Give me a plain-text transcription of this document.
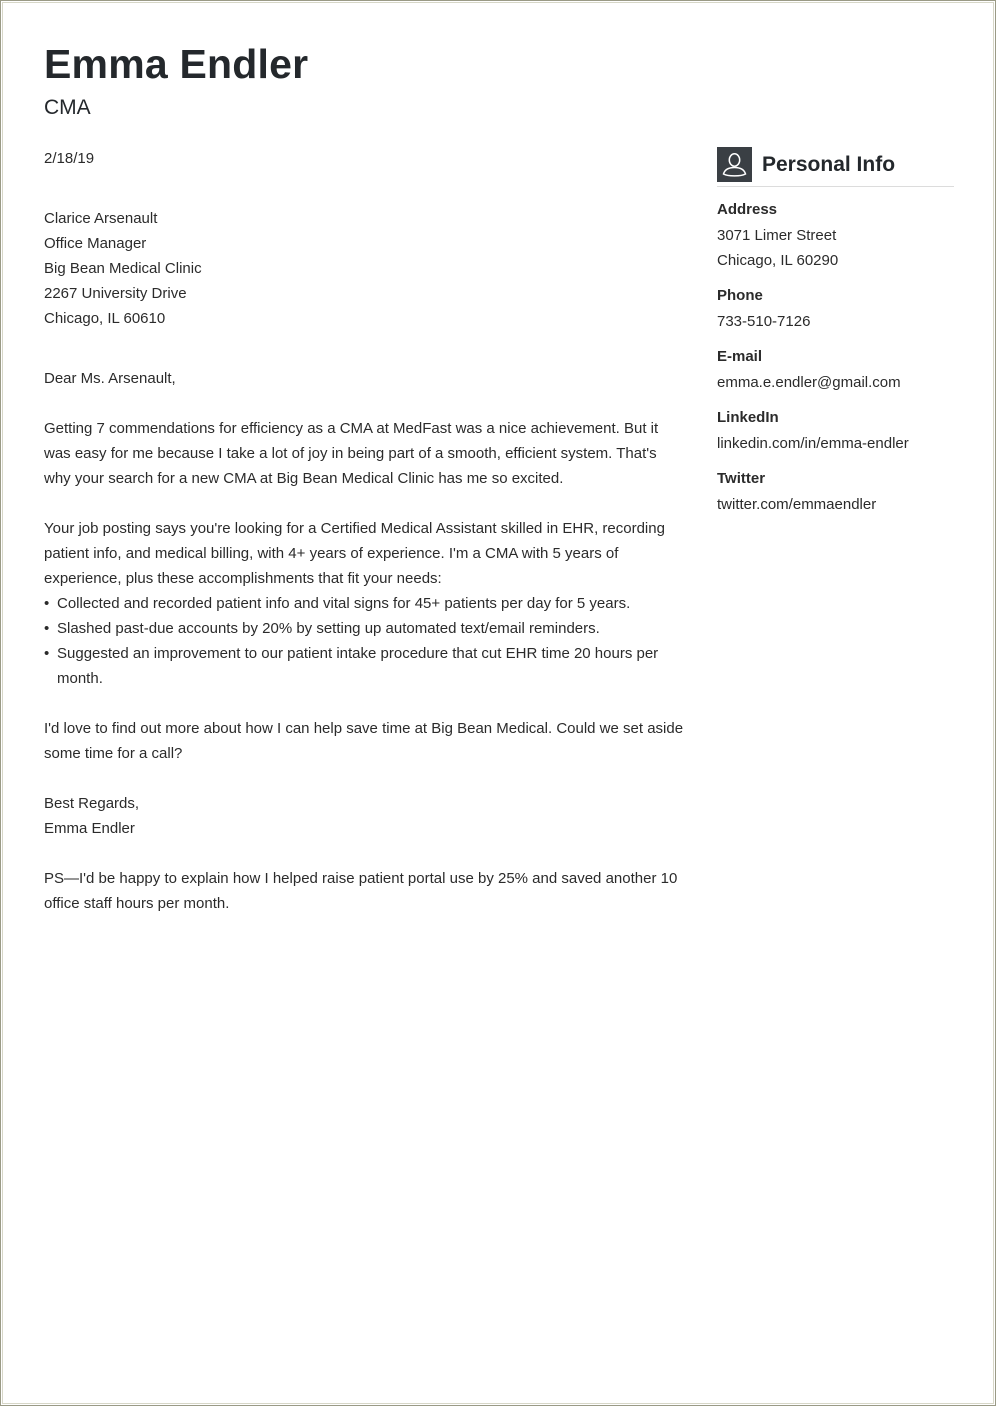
Emma Endler
CMA
2/18/19
Clarice Arsenault
Office Manager
Big Bean Medical Clinic
2267 University Drive
Chicago, IL 60610
Dear Ms. Arsenault,
Getting 7 commendations for efficiency as a CMA at MedFast was a nice achievement. But it was easy for me because I take a lot of joy in being part of a smooth, efficient system. That's why your search for a new CMA at Big Bean Medical Clinic has me so excited.
Your job posting says you're looking for a Certified Medical Assistant skilled in EHR, recording patient info, and medical billing, with 4+ years of experience. I'm a CMA with 5 years of experience, plus these accomplishments that fit your needs:
• Collected and recorded patient info and vital signs for 45+ patients per day for 5 years.
• Slashed past-due accounts by 20% by setting up automated text/email reminders.
• Suggested an improvement to our patient intake procedure that cut EHR time 20 hours per month.
I'd love to find out more about how I can help save time at Big Bean Medical. Could we set aside some time for a call?
Best Regards,
Emma Endler
PS—I'd be happy to explain how I helped raise patient portal use by 25% and saved another 10 office staff hours per month.
Personal Info
Address
3071 Limer Street
Chicago, IL 60290
Phone
733-510-7126
E-mail
emma.e.endler@gmail.com
LinkedIn
linkedin.com/in/emma-endler
Twitter
twitter.com/emmaendler
